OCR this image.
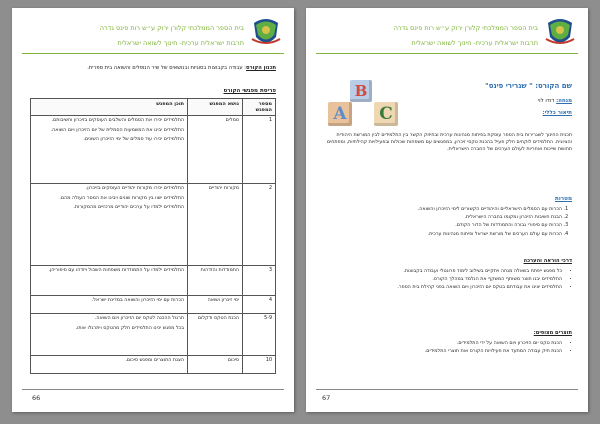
בית הספר הממלכתי קלורן ירוק ע״ש רות פינס גדרה
תרבות ישראלית ערכית- חינוך לשואה ישראלית
תכנון הקורס: עבודה בקבוצות בסוגיות ובנושאים של שיר הנופלים והשואה בית ספרית.
פריסת מפגשי הקורס
מספר המפגש	נושא המפגש	תוכן המפגש
1	סמלים	התלמידים יכירו את הסמלים והשלבים העוסקים בזיכרון וחשיבותם.

התלמידים יבינו את המשמעות הסמלית של יום הזיכרון ויום השואה.

התלמידים יכירו עוד סמלים של ימי הזיכרון השונים.

2	מקורות יהודיים	התלמידים יכירו מקורות יהודיים העוסקים בזיכרון.

התלמידים ישוו בין מקורות שונים ויבינו את המסר העולה מהם.

התלמידים ילמדו על ערכים יהודיים מרכזיים מהמקורות.

3	התמודדות והזדהות	התלמידים ילמדו על התמודדות משפחות השכול ויזדהו עם סיפוריהן.

4	ימי זיכרון ושואה	הכרות עם ימי הזיכרון והשואה במדינת ישראל.

5-9	הכנת הטקס ודקלום	תרגול ההכנה לטקס יום הזיכרון ויום השואה.

בכל מפגש יכינו התלמידים חלק מהטקס ויתרגלו אותו.

10	סיכום	הצגת התוצרים ומפגש סיכום.

66
בית הספר הממלכתי קלורן ירוק ע״ש רות פינס גדרה
תרבות ישראלית ערכית- חינוך לשואה ישראלית
B
A	C
שם הקורס: " שגרירי פינס"
מנחה: דודו לוי
תיאור כללי:
תכנית החינוך לשגרירות בית הספר עוסקת בפיתוח מנהיגות ערכית ובחיזוק הקשר בין התלמידים לבין המורשת היהודית והציונית. התלמידים לוקחים חלק פעיל בהכנת טקסי זיכרון, במפגשים עם משפחות שכולות ובפעילויות קהילתיות, ומפתחים תחושת שייכות ואחריות לעולם הערכים של החברה הישראלית.
מטרות
1. הכרות עם הסמלים הישראליים והיהודיים הקשורים לימי הזיכרון והשואה.
2. הבנת חשיבות הזיכרון ומקומו בחברה הישראלית.
3. הכרות עם סיפורי גבורה והתמודדות של הדור הקודם.
4. הכרות עם עולם הערכים של מורשת ישראל ופיתוח מנהיגות ערכית.
דרכי הוראה והערכה
• כל מפגש ייפתח בשאלה מנחה ויתקיים בשילוב לימוד פרונטלי ועבודה בקבוצות.
• התלמידים יבנו תוצר משותף המשקף את הנלמד במהלך הקורס.
• התלמידים יציגו את עבודתם בטקס יום הזיכרון ויום השואה בפני קהילת בית הספר.
תוצרים מצופים:
• הכנת טקס יום הזיכרון ויום השואה על ידי התלמידים.
• הכנת תיק עבודה המתעד את פעילויות הקורס ואת תוצרי התלמידים.
67
